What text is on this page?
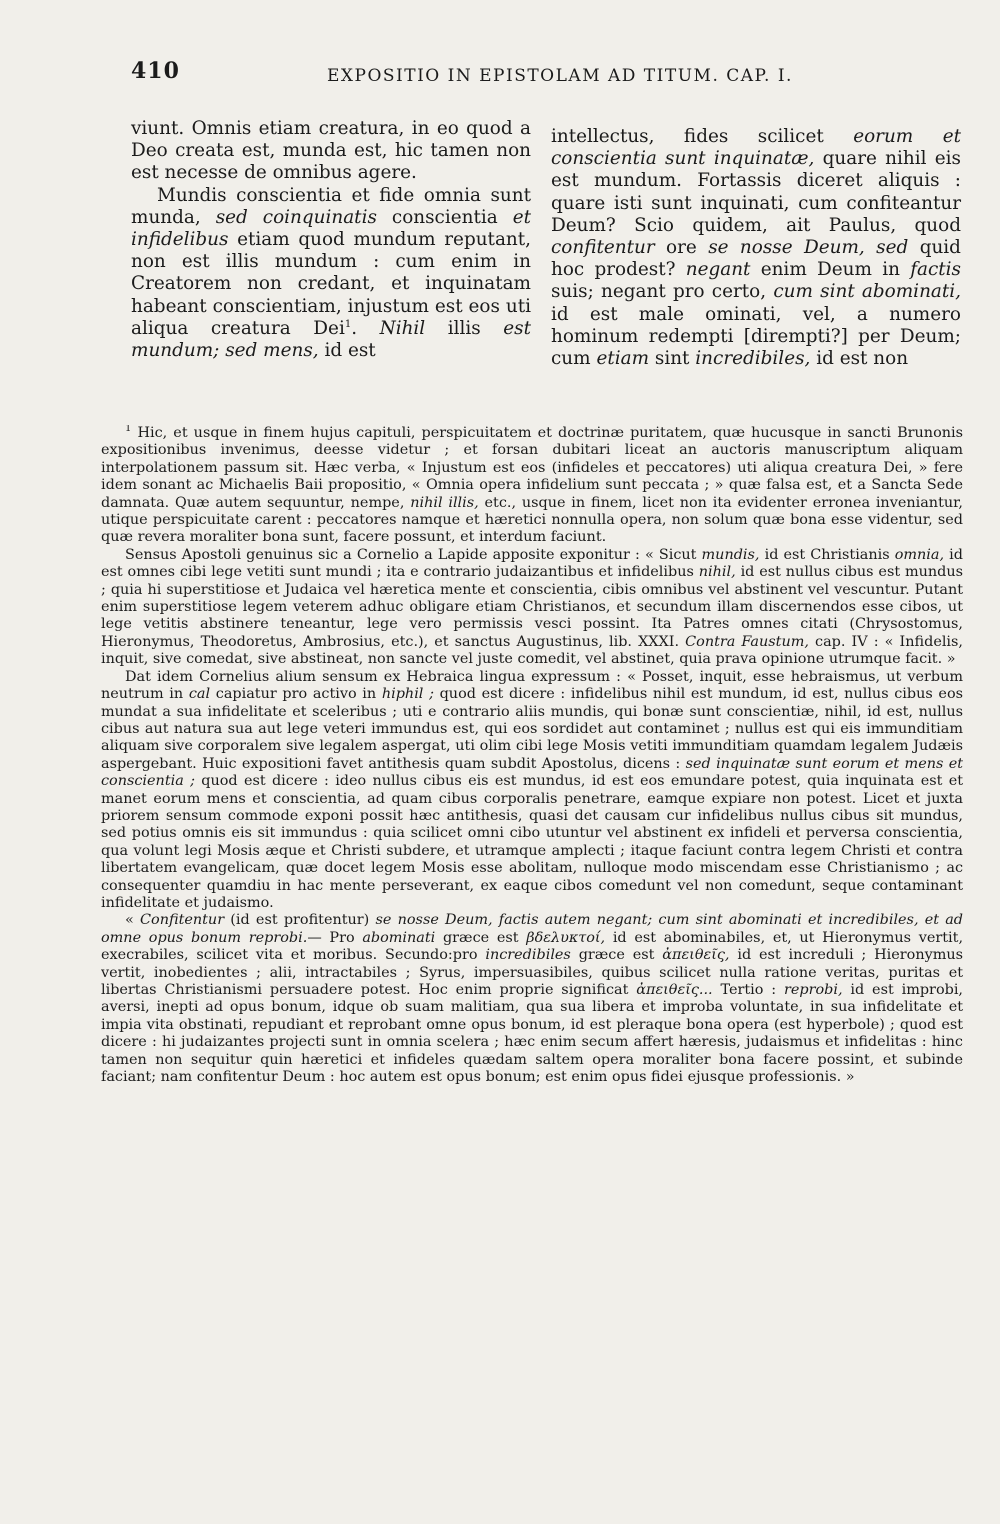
410	EXPOSITIO IN EPISTOLAM AD TITUM. CAP. I.

viunt. Omnis etiam creatura, in eo quod a Deo creata est, munda est, hic tamen non est necesse de omnibus agere.

Mundis conscientia et fide omnia sunt munda, sed coinquinatis conscientia et infidelibus etiam quod mundum reputant, non est illis mundum : cum enim in Creatorem non credant, et inquinatam habeant conscientiam, injustum est eos uti aliqua creatura Dei$^1$. Nihil illis est mundum; sed mens, id est

intellectus, fides scilicet eorum et conscientia sunt inquinatæ, quare nihil eis est mundum. Fortassis diceret aliquis : quare isti sunt inquinati, cum confiteantur Deum? Scio quidem, ait Paulus, quod confitentur ore se nosse Deum, sed quid hoc prodest? negant enim Deum in factis suis; negant pro certo, cum sint abominati, id est male ominati, vel, a numero hominum redempti [dirempti?] per Deum; cum etiam sint incredibiles, id est non

$^1$ Hic, et usque in finem hujus capituli, perspicuitatem et doctrinæ puritatem, quæ hucusque in sancti Brunonis expositionibus invenimus, deesse videtur ; et forsan dubitari liceat an auctoris manuscriptum aliquam interpolationem passum sit. Hæc verba, « Injustum est eos (infideles et peccatores) uti aliqua creatura Dei, » fere idem sonant ac Michaelis Baii propositio, « Omnia opera infidelium sunt peccata ; » quæ falsa est, et a Sancta Sede damnata. Quæ autem sequuntur, nempe, nihil illis, etc., usque in finem, licet non ita evidenter erronea inveniantur, utique perspicuitate carent : peccatores namque et hæretici nonnulla opera, non solum quæ bona esse videntur, sed quæ revera moraliter bona sunt, facere possunt, et interdum faciunt.

Sensus Apostoli genuinus sic a Cornelio a Lapide apposite exponitur : « Sicut mundis, id est Christianis omnia, id est omnes cibi lege vetiti sunt mundi ; ita e contrario judaizantibus et infidelibus nihil, id est nullus cibus est mundus ; quia hi superstitiose et Judaica vel hæretica mente et conscientia, cibis omnibus vel abstinent vel vescuntur. Putant enim superstitiose legem veterem adhuc obligare etiam Christianos, et secundum illam discernendos esse cibos, ut lege vetitis abstinere teneantur, lege vero permissis vesci possint. Ita Patres omnes citati (Chrysostomus, Hieronymus, Theodoretus, Ambrosius, etc.), et sanctus Augustinus, lib. XXXI. Contra Faustum, cap. IV : « Infidelis, inquit, sive comedat, sive abstineat, non sancte vel juste comedit, vel abstinet, quia prava opinione utrumque facit. »

Dat idem Cornelius alium sensum ex Hebraica lingua expressum : « Posset, inquit, esse hebraismus, ut verbum neutrum in cal capiatur pro activo in hiphil ; quod est dicere : infidelibus nihil est mundum, id est, nullus cibus eos mundat a sua infidelitate et sceleribus ; uti e contrario aliis mundis, qui bonæ sunt conscientiæ, nihil, id est, nullus cibus aut natura sua aut lege veteri immundus est, qui eos sordidet aut contaminet ; nullus est qui eis immunditiam aliquam sive corporalem sive legalem aspergat, uti olim cibi lege Mosis vetiti immunditiam quamdam legalem Judæis aspergebant. Huic expositioni favet antithesis quam subdit Apostolus, dicens : sed inquinatæ sunt eorum et mens et conscientia ; quod est dicere : ideo nullus cibus eis est mundus, id est eos emundare potest, quia inquinata est et manet eorum mens et conscientia, ad quam cibus corporalis penetrare, eamque expiare non potest. Licet et juxta priorem sensum commode exponi possit hæc antithesis, quasi det causam cur infidelibus nullus cibus sit mundus, sed potius omnis eis sit immundus : quia scilicet omni cibo utuntur vel abstinent ex infideli et perversa conscientia, qua volunt legi Mosis æque et Christi subdere, et utramque amplecti ; itaque faciunt contra legem Christi et contra libertatem evangelicam, quæ docet legem Mosis esse abolitam, nulloque modo miscendam esse Christianismo ; ac consequenter quamdiu in hac mente perseverant, ex eaque cibos comedunt vel non comedunt, seque contaminant infidelitate et judaismo.

« Confitentur (id est profitentur) se nosse Deum, factis autem negant; cum sint abominati et incredibiles, et ad omne opus bonum reprobi.— Pro abominati græce est βδελυκτοί, id est abominabiles, et, ut Hieronymus vertit, execrabiles, scilicet vita et moribus. Secundo:pro incredibiles græce est ἀπειθεῖς, id est increduli ; Hieronymus vertit, inobedientes ; alii, intractabiles ; Syrus, impersuasibiles, quibus scilicet nulla ratione veritas, puritas et libertas Christianismi persuadere potest. Hoc enim proprie significat ἀπειθεῖς... Tertio : reprobi, id est improbi, aversi, inepti ad opus bonum, idque ob suam malitiam, qua sua libera et improba voluntate, in sua infidelitate et impia vita obstinati, repudiant et reprobant omne opus bonum, id est pleraque bona opera (est hyperbole) ; quod est dicere : hi judaizantes projecti sunt in omnia scelera ; hæc enim secum affert hæresis, judaismus et infidelitas : hinc tamen non sequitur quin hæretici et infideles quædam saltem opera moraliter bona facere possint, et subinde faciant; nam confitentur Deum : hoc autem est opus bonum; est enim opus fidei ejusque professionis. »
